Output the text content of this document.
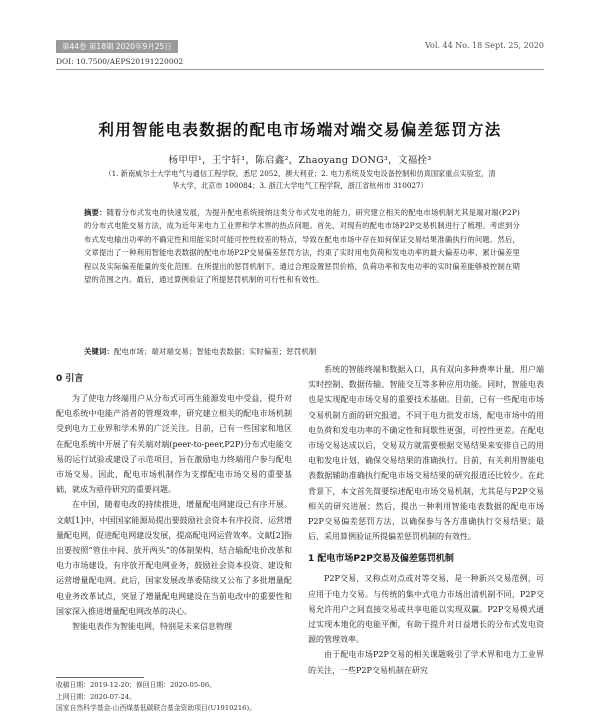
第44卷 第18期 2020年9月25日	Vol. 44 No. 18 Sept. 25, 2020
DOI: 10.7500/AEPS20191220002
利用智能电表数据的配电市场端对端交易偏差惩罚方法
杨甲甲¹，王宇轩¹，陈启鑫²，Zhaoyang DONG³，文福拴³
（1. 新南威尔士大学电气与通信工程学院，悉尼 2052，澳大利亚；2. 电力系统及发电设备控制和仿真国家重点实验室，清华大学，北京市 100084；3. 浙江大学电气工程学院，浙江省杭州市 310027）
摘要：随着分布式发电的快速发展，为提升配电系统接纳这类分布式发电的能力，研究建立相关的配电市场机制尤其是端对端(P2P)的分布式电能交易方法，成为近年来电力工业界和学术界的热点问题。首先，对现有的配电市场P2P交易机制进行了梳理。考虑到分布式发电输出功率的不确定性和用能实时可能可控性较差的特点，导致在配电市场中存在如何保证交易结果准确执行的问题。然后，文章提出了一种利用智能电表数据的配电市场P2P交易偏差惩罚方法，约束了实时用电负荷和发电功率的最大偏差功率、累计偏差里程以及实际偏差能量的变化范围。在所提出的惩罚机制下，通过合理设置惩罚价格，负荷功率和发电功率的实时偏差能够被控制在期望的范围之内。最后，通过算例验证了所提惩罚机制的可行性和有效性。
关键词：配电市场；端对端交易；智能电表数据；实时偏差；惩罚机制
0 引言

为了使电力终端用户从分布式可再生能源发电中受益，提升对配电系统中电能产消者的管理效率，研究建立相关的配电市场机制受到电力工业界和学术界的广泛关注。目前，已有一些国家和地区在配电系统中开展了有关端对端(peer-to-peer,P2P)分布式电能交易的运行试验或建设了示范项目，旨在激励电力终端用户参与配电市场交易。因此，配电市场机制作为支撑配电市场交易的重要基础，就成为亟待研究的重要问题。

在中国，随着电改的持续推进，增量配电网建设已有序开展。文献[1]中，中国国家能源局提出要鼓励社会资本有序投资、运营增量配电网，促进配电网建设发展，提高配电网运营效率。文献[2]指出要按照“管住中间、放开两头”的体制架构，结合输配电价改革和电力市场建设，有序放开配电网业务，鼓励社会资本投资、建设和运营增量配电网。此后，国家发展改革委陆续又公布了多批增量配电业务改革试点，突显了增量配电网建设在当前电改中的重要性和国家深入推进增量配电网改革的决心。

智能电表作为智能电网，特别是未来信息物理

系统的智能终端和数据入口，具有双向多种费率计量、用户端实时控制、数据传输、智能交互等多种应用功能。同时，智能电表也是实现配电市场交易的重要技术基础。目前，已有一些配电市场交易机制方面的研究报道。不同于电力批发市场，配电市场中的用电负荷和发电功率的不确定性和间歇性更强，可控性更差。在配电市场交易达成以后，交易双方就需要根据交易结果来安排自己的用电和发电计划，确保交易结果的准确执行。目前，有关利用智能电表数据辅助准确执行配电市场交易结果的研究报道还比较少。在此背景下，本文首先简要综述配电市场交易机制，尤其是与P2P交易相关的研究进展；然后，提出一种利用智能电表数据的配电市场P2P交易偏差惩罚方法，以确保参与各方准确执行交易结果；最后，采用算例验证所提偏差惩罚机制的有效性。

1 配电市场P2P交易及偏差惩罚机制

P2P交易，又称点对点或对等交易，是一种新兴交易范例，可应用于电力交易。与传统的集中式电力市场出清机制不同，P2P交易允许用户之间直接交易或共享电能以实现双赢。P2P交易模式通过实现本地化的电能平衡，有助于提升对日益增长的分布式发电资源的管理效率。

由于配电市场P2P交易的相关课题吸引了学术界和电力工业界的关注，一些P2P交易机制在研究

收稿日期：2019-12-20；修回日期：2020-05-06。
上网日期：2020-07-24。
国家自然科学基金-山西煤基低碳联合基金资助项目(U1910216)。
